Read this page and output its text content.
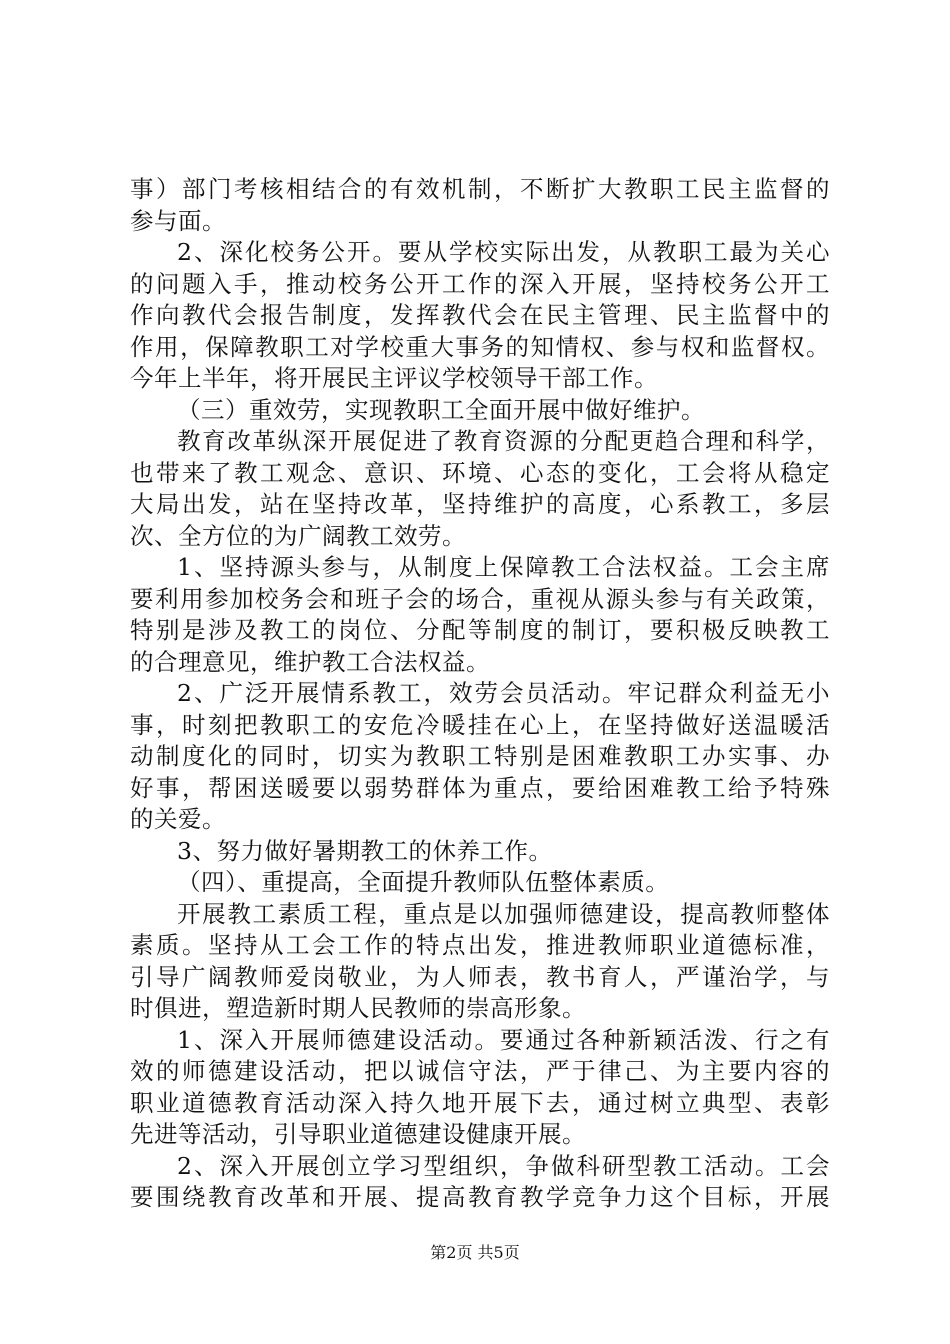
事）部门考核相结合的有效机制，不断扩大教职工民主监督的
参与面。
2、深化校务公开。要从学校实际出发，从教职工最为关心
的问题入手，推动校务公开工作的深入开展，坚持校务公开工
作向教代会报告制度，发挥教代会在民主管理、民主监督中的
作用，保障教职工对学校重大事务的知情权、参与权和监督权。
今年上半年，将开展民主评议学校领导干部工作。
（三）重效劳，实现教职工全面开展中做好维护。
教育改革纵深开展促进了教育资源的分配更趋合理和科学，
也带来了教工观念、意识、环境、心态的变化，工会将从稳定
大局出发，站在坚持改革，坚持维护的高度，心系教工，多层
次、全方位的为广阔教工效劳。
1、坚持源头参与，从制度上保障教工合法权益。工会主席
要利用参加校务会和班子会的场合，重视从源头参与有关政策，
特别是涉及教工的岗位、分配等制度的制订，要积极反映教工
的合理意见，维护教工合法权益。
2、广泛开展情系教工，效劳会员活动。牢记群众利益无小
事，时刻把教职工的安危冷暖挂在心上，在坚持做好送温暖活
动制度化的同时，切实为教职工特别是困难教职工办实事、办
好事，帮困送暖要以弱势群体为重点，要给困难教工给予特殊
的关爱。
3、努力做好暑期教工的休养工作。
（四）、重提高，全面提升教师队伍整体素质。
开展教工素质工程，重点是以加强师德建设，提高教师整体
素质。坚持从工会工作的特点出发，推进教师职业道德标准，
引导广阔教师爱岗敬业，为人师表，教书育人，严谨治学，与
时俱进，塑造新时期人民教师的崇高形象。
1、深入开展师德建设活动。要通过各种新颖活泼、行之有
效的师德建设活动，把以诚信守法，严于律己、为主要内容的
职业道德教育活动深入持久地开展下去，通过树立典型、表彰
先进等活动，引导职业道德建设健康开展。
2、深入开展创立学习型组织，争做科研型教工活动。工会
要围绕教育改革和开展、提高教育教学竞争力这个目标，开展
第2页 共5页
